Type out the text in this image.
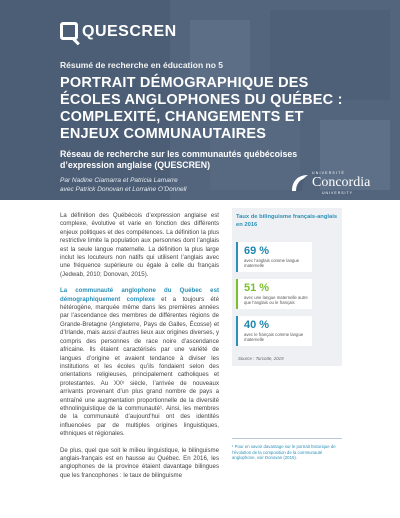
QUESCREN
Résumé de recherche en éducation no 5
PORTRAIT DÉMOGRAPHIQUE DES ÉCOLES ANGLOPHONES DU QUÉBEC : COMPLEXITÉ, CHANGEMENTS ET ENJEUX COMMUNAUTAIRES
Réseau de recherche sur les communautés québécoises d’expression anglaise (QUESCREN)
Par Nadine Ciamarra et Patricia Lamarre
avec Patrick Donovan et Lorraine O’Donnell
UNIVERSITÉ
Concordia
UNIVERSITY

La définition des Québécois d’expression anglaise est complexe, évolutive et varie en fonction des différents enjeux politiques et des compétences. La définition la plus restrictive limite la population aux personnes dont l’anglais est la seule langue maternelle. La définition la plus large inclut les locuteurs non natifs qui utilisent l’anglais avec une fréquence supérieure ou égale à celle du français (Jedwab, 2010; Donovan, 2015).

La communauté anglophone du Québec est démographiquement complexe et a toujours été hétérogène, marquée même dans les premières années par l’ascendance des membres de différentes régions de Grande-Bretagne (Angleterre, Pays de Galles, Écosse) et d’Irlande, mais aussi d’autres lieux aux origines diverses, y compris des personnes de race noire d’ascendance africaine. Ils étaient caractérisés par une variété de langues d’origine et avaient tendance à diviser les institutions et les écoles qu’ils fondaient selon des orientations religieuses, principalement catholiques et protestantes. Au XXᵉ siècle, l’arrivée de nouveaux arrivants provenant d’un plus grand nombre de pays a entraîné une augmentation proportionnelle de la diversité ethnolinguistique de la communauté¹. Ainsi, les membres de la communauté d’aujourd’hui ont des identités influencées par de multiples origines linguistiques, ethniques et régionales.

De plus, quel que soit le milieu linguistique, le bilinguisme anglais-français est en hausse au Québec. En 2016, les anglophones de la province étaient davantage bilingues que les francophones : le taux de bilinguisme

Taux de bilinguisme français-anglais en 2016
69 %
avec l’anglais comme langue maternelle
51 %
avec une langue maternelle autre que l’anglais ou le français
40 %
avec le français comme langue maternelle
Source : Turcotte, 2019
¹ Pour en savoir davantage sur le portrait historique de l’évolution de la composition de la communauté anglophone, voir Donovan (2015).
